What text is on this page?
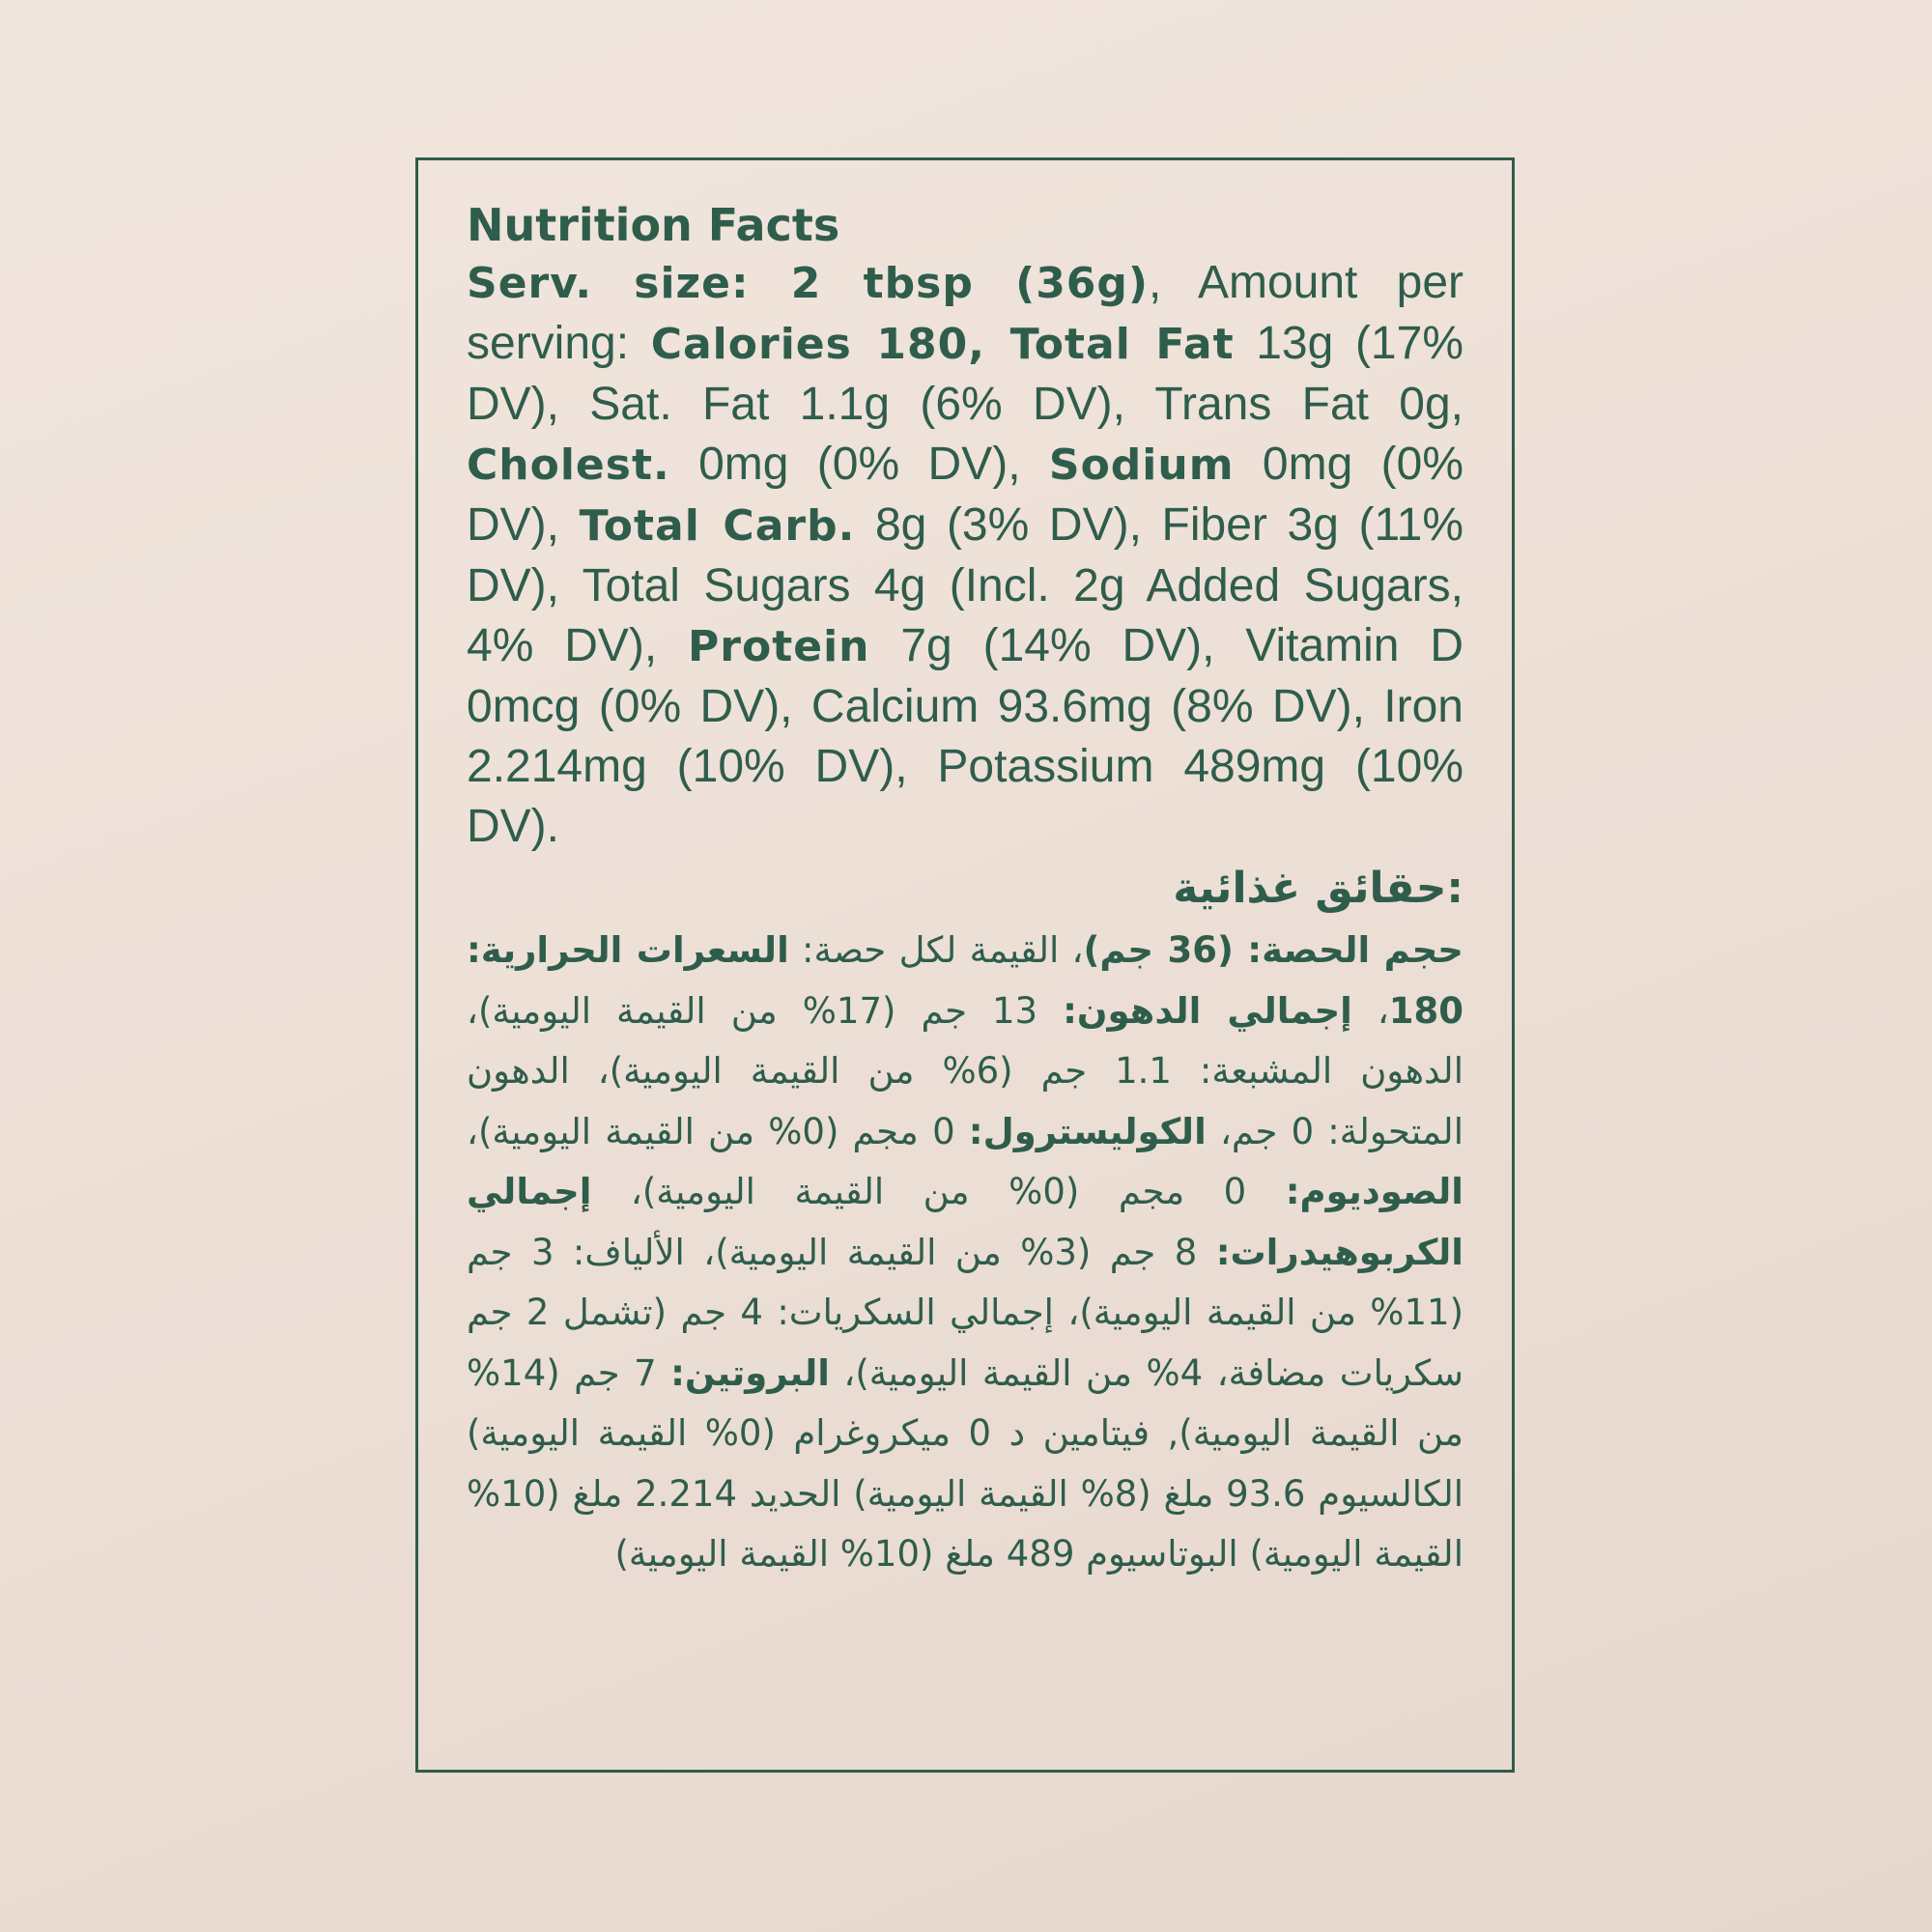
Nutrition Facts

Serv. size: 2 tbsp (36g), Amount per serving: Calories 180, Total Fat 13g (17% DV), Sat. Fat 1.1g (6% DV), Trans Fat 0g, Cholest. 0mg (0% DV), Sodium 0mg (0% DV), Total Carb. 8g (3% DV), Fiber 3g (11% DV), Total Sugars 4g (Incl. 2g Added Sugars, 4% DV), Protein 7g (14% DV), Vitamin D 0mcg (0% DV), Calcium 93.6mg (8% DV), Iron 2.214mg (10% DV), Potassium 489mg (10% DV).

:حقائق غذائية

حجم الحصة: (36 جم)، القيمة لكل حصة: السعرات الحرارية: 180، إجمالي الدهون: 13 جم (17% من القيمة اليومية)، الدهون المشبعة: 1.1 جم (6% من القيمة اليومية)، الدهون المتحولة: 0 جم، الكوليسترول: 0 مجم (0% من القيمة اليومية)، الصوديوم: 0 مجم (0% من القيمة اليومية)، إجمالي الكربوهيدرات: 8 جم (3% من القيمة اليومية)، الألياف: 3 جم (11% من القيمة اليومية)، إجمالي السكريات: 4 جم (تشمل 2 جم سكريات مضافة، 4% من القيمة اليومية)، البروتين: 7 جم (14% من القيمة اليومية), فيتامين د 0 ميكروغرام (0% القيمة اليومية) الكالسيوم 93.6 ملغ (8% القيمة اليومية) الحديد 2.214 ملغ (10% القيمة اليومية) البوتاسيوم 489 ملغ (10% القيمة اليومية)
